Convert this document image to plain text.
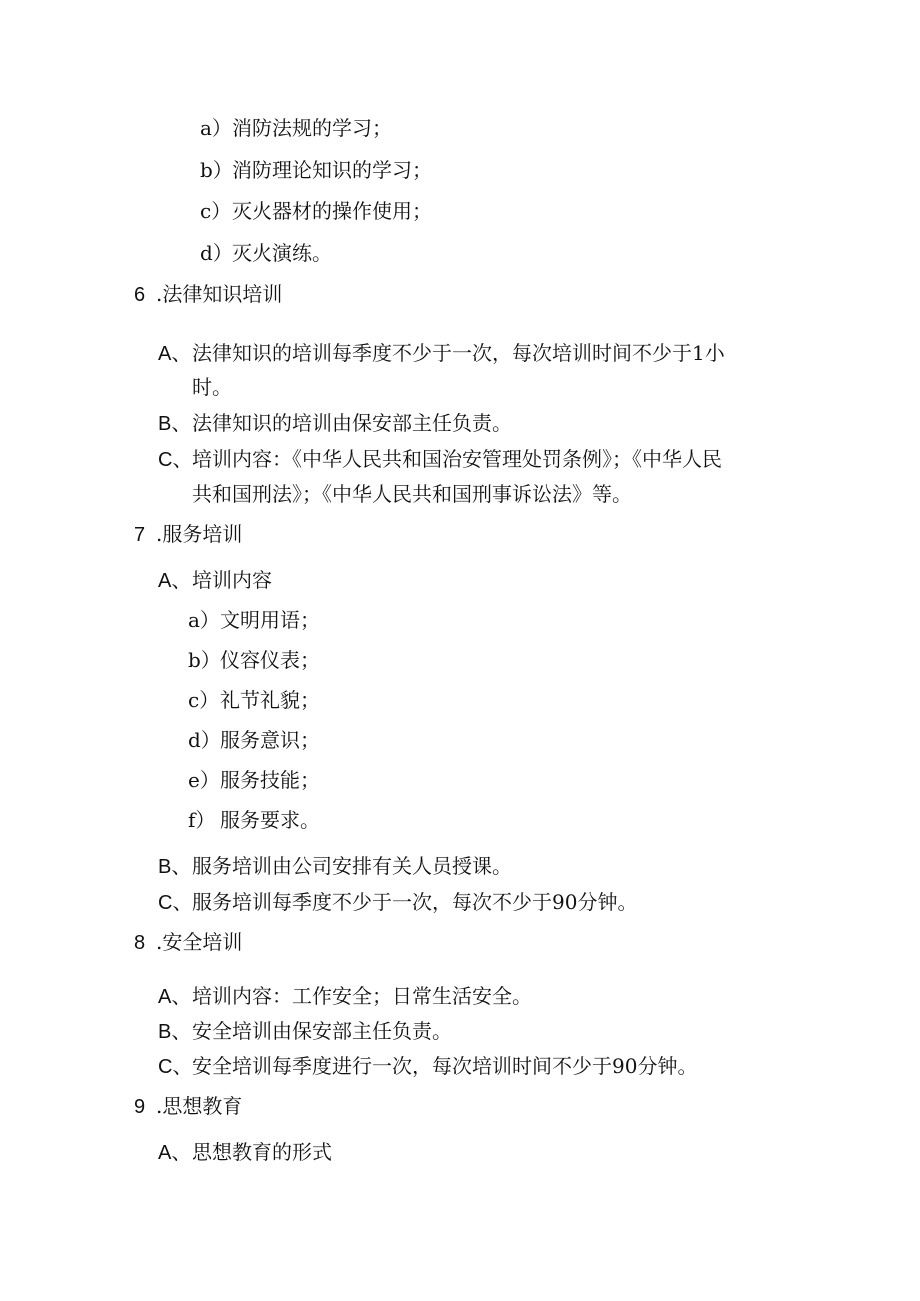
a）消防法规的学习；
b）消防理论知识的学习；
c）灭火器材的操作使用；
d）灭火演练。
6 .法律知识培训
A、法律知识的培训每季度不少于一次，每次培训时间不少于1小
时。
B、法律知识的培训由保安部主任负责。
C、培训内容：《中华人民共和国治安管理处罚条例》；《中华人民
共和国刑法》；《中华人民共和国刑事诉讼法》等。
7 .服务培训
A、培训内容
a）文明用语；
b）仪容仪表；
c）礼节礼貌；
d）服务意识；
e）服务技能；
f） 服务要求。
B、服务培训由公司安排有关人员授课。
C、服务培训每季度不少于一次，每次不少于90分钟。
8 .安全培训
A、培训内容：工作安全；日常生活安全。
B、安全培训由保安部主任负责。
C、安全培训每季度进行一次，每次培训时间不少于90分钟。
9 .思想教育
A、思想教育的形式
